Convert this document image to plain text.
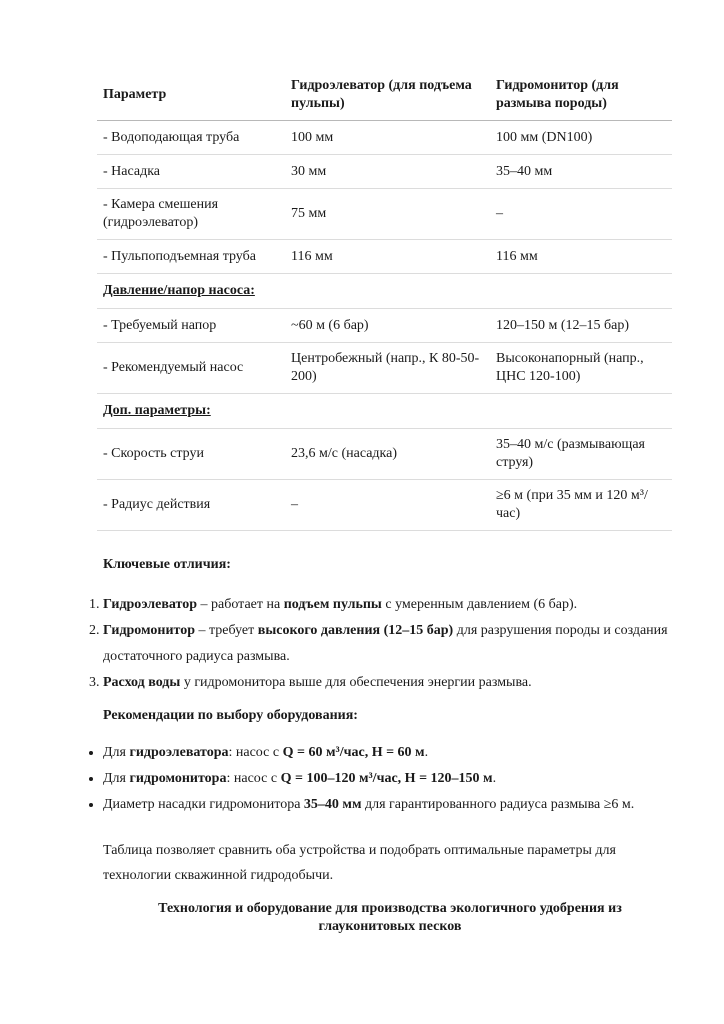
Параметр	Гидроэлеватор (для подъема пульпы)	Гидромонитор (для размыва породы)
- Водоподающая труба	100 мм	100 мм (DN100)
- Насадка	30 мм	35–40 мм
- Камера смешения (гидроэлеватор)	75 мм	–
- Пульпоподъемная труба	116 мм	116 мм
Давление/напор насоса:		
- Требуемый напор	~60 м (6 бар)	120–150 м (12–15 бар)
- Рекомендуемый насос	Центробежный (напр., К 80-50-200)	Высоконапорный (напр., ЦНС 120-100)
Доп. параметры:		
- Скорость струи	23,6 м/с (насадка)	35–40 м/с (размывающая струя)
- Радиус действия	–	≥6 м (при 35 мм и 120 м³/час)
Ключевые отличия:
1. Гидроэлеватор – работает на подъем пульпы с умеренным давлением (6 бар).
2. Гидромонитор – требует высокого давления (12–15 бар) для разрушения породы и создания достаточного радиуса размыва.
3. Расход воды у гидромонитора выше для обеспечения энергии размыва.
Рекомендации по выбору оборудования:
• Для гидроэлеватора: насос с Q = 60 м³/час, H = 60 м.
• Для гидромонитора: насос с Q = 100–120 м³/час, H = 120–150 м.
• Диаметр насадки гидромонитора 35–40 мм для гарантированного радиуса размыва ≥6 м.
Таблица позволяет сравнить оба устройства и подобрать оптимальные параметры для технологии скважинной гидродобычи.
Технология и оборудование для производства экологичного удобрения из глауконитовых песков
